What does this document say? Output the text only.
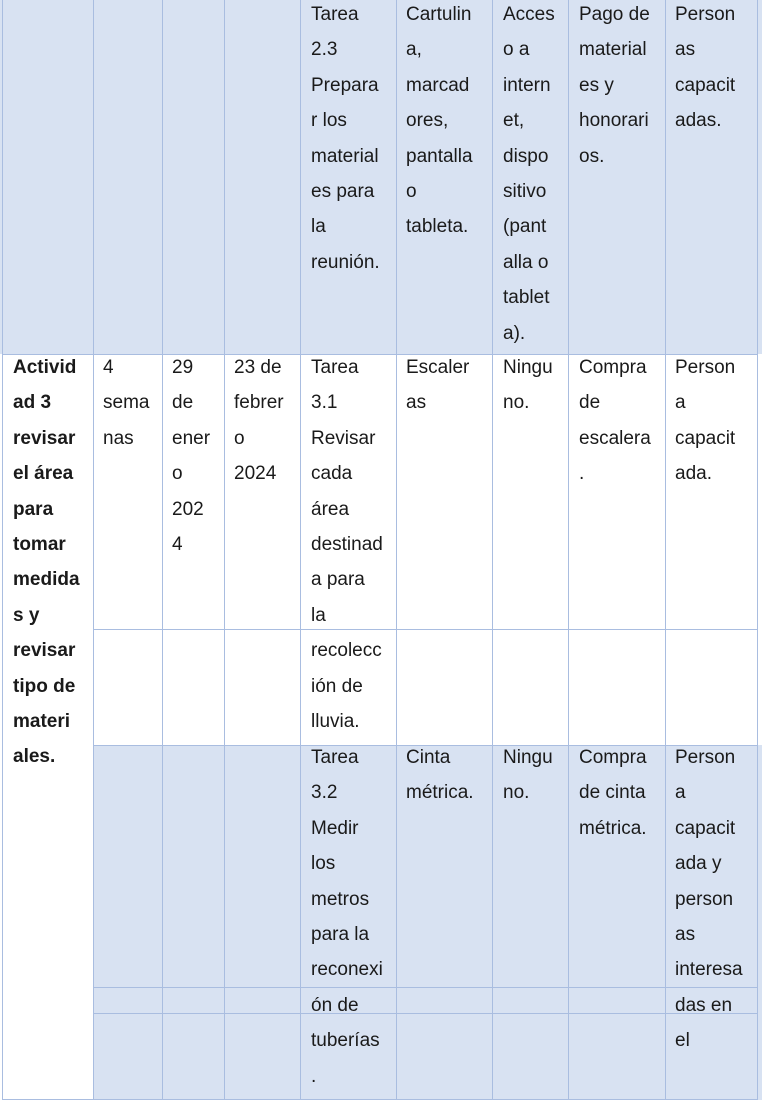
Tarea
2.3
Prepara
r los
material
es para
la
reunión.
Cartulin
a,
marcad
ores,
pantalla
o
tableta.
Acces
o a
intern
et,
dispo
sitivo
(pant
alla o
tablet
a).
Pago de
material
es y
honorari
os.
Person
as
capacit
adas.
Activid
ad 3
revisar
el área
para
tomar
medida
s y
revisar
tipo de
materi
ales.
4
sema
nas
29
de
ener
o
202
4
23 de
febrer
o
2024
Tarea
3.1
Revisar
cada
área
destinad
a para
la
recolecc
ión de
lluvia.
Escaler
as
Ningu
no.
Compra
de
escalera
.
Person
a
capacit
ada.
Tarea
3.2
Medir
los
metros
para la
reconexi
ón de
tuberías
.
Cinta
métrica.
Ningu
no.
Compra
de cinta
métrica.
Person
a
capacit
ada y
person
as
interesa
das en
el
